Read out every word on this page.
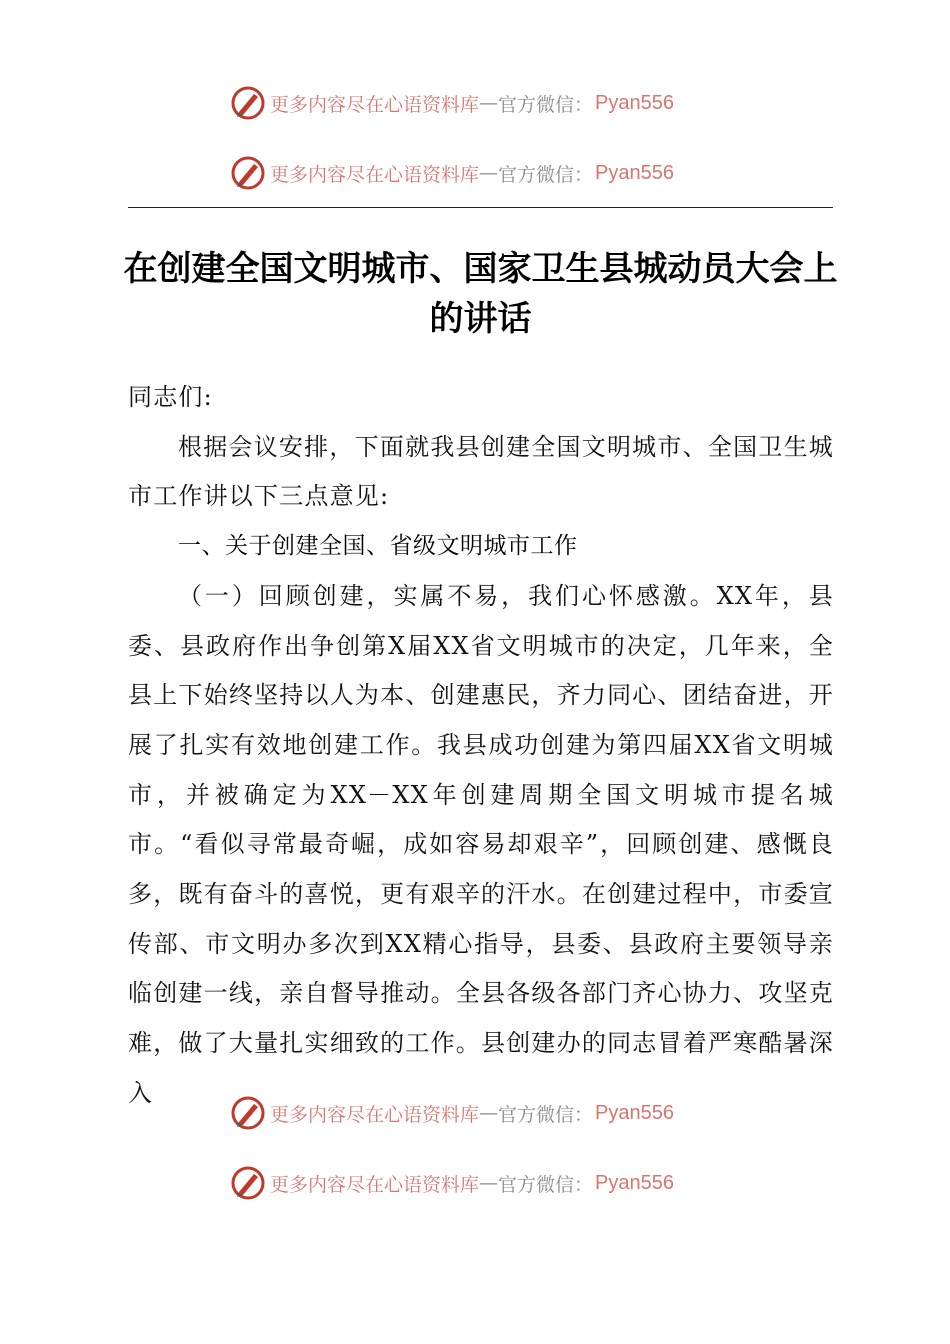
更多内容尽在心语资料库 — 官方微信： Pyan556
更多内容尽在心语资料库 — 官方微信： Pyan556
在创建全国文明城市、国家卫生县城动员大会上的讲话

同志们:

根据会议安排，下面就我县创建全国文明城市、全国卫生城市工作讲以下三点意见:

一、关于创建全国、省级文明城市工作

（一）回顾创建，实属不易，我们心怀感激。XX年，县委、县政府作出争创第X届XX省文明城市的决定，几年来，全县上下始终坚持以人为本、创建惠民，齐力同心、团结奋进，开展了扎实有效地创建工作。我县成功创建为第四届XX省文明城市，并被确定为XX－XX年创建周期全国文明城市提名城市。“看似寻常最奇崛，成如容易却艰辛”，回顾创建、感慨良多，既有奋斗的喜悦，更有艰辛的汗水。在创建过程中，市委宣传部、市文明办多次到XX精心指导，县委、县政府主要领导亲临创建一线，亲自督导推动。全县各级各部门齐心协力、攻坚克难，做了大量扎实细致的工作。县创建办的同志冒着严寒酷暑深入

更多内容尽在心语资料库 — 官方微信： Pyan556
更多内容尽在心语资料库 — 官方微信： Pyan556
